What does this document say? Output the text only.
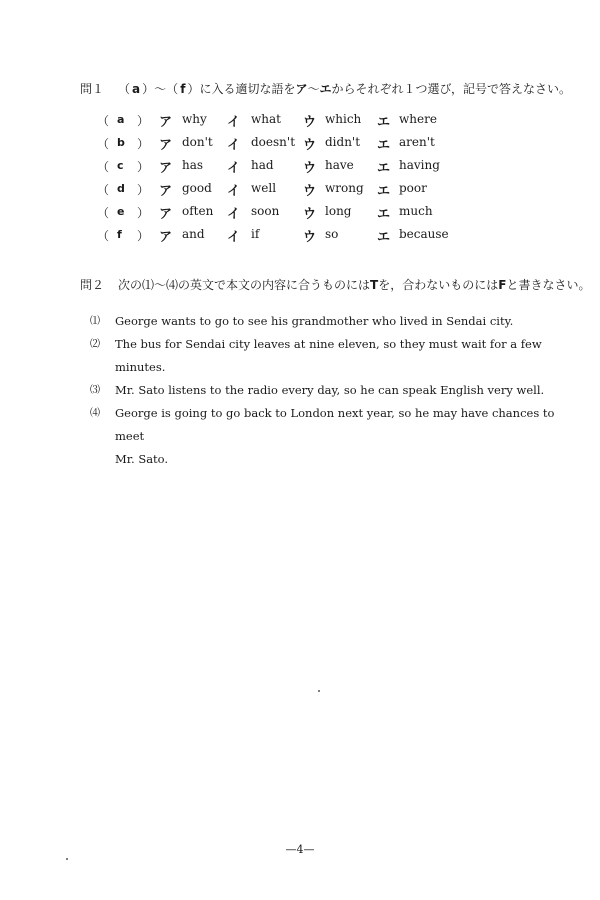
問１ （ a ）〜（ f ）に入る適切な語をア〜エからそれぞれ１つ選び，記号で答えなさい。
（ a ） ア why イ what ウ which エ where
（ b ） ア don't イ doesn't ウ didn't エ aren't
（ c ） ア has イ had ウ have エ having
（ d ） ア good イ well ウ wrong エ poor
（ e ） ア often イ soon ウ long エ much
（ f ） ア and イ if	ウ so	エ because
問２ 次の⑴〜⑷の英文で本文の内容に合うものにはTを，合わないものにはFと書きなさい。
⑴ George wants to go to see his grandmother who lived in Sendai city.
⑵ The bus for Sendai city leaves at nine eleven, so they must wait for a few minutes.
⑶ Mr. Sato listens to the radio every day, so he can speak English very well.
⑷ George is going to go back to London next year, so he may have chances to meet
Mr. Sato.
—4—
